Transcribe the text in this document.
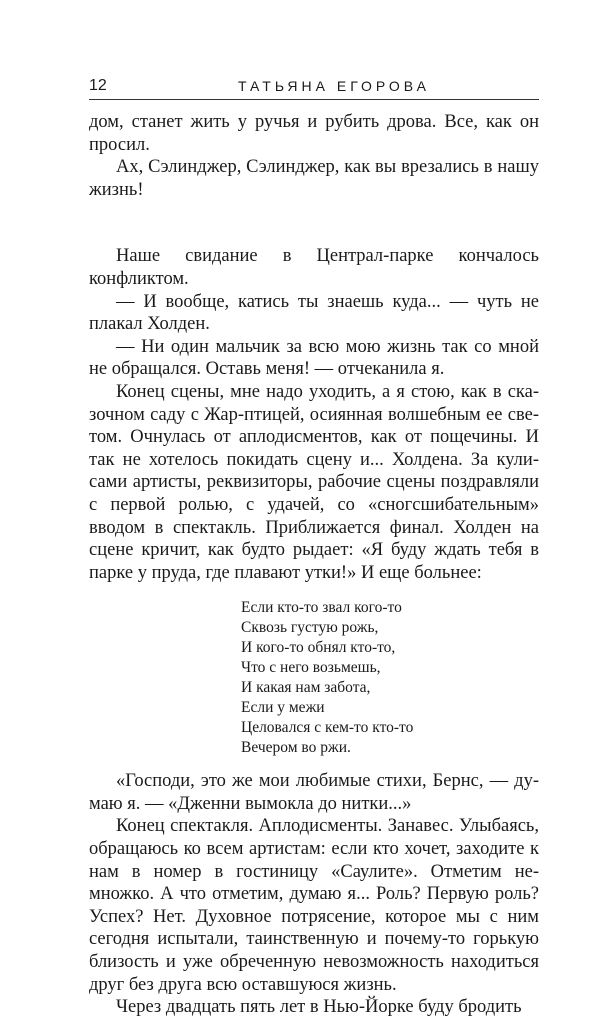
12	ТАТЬЯНА ЕГОРОВА

дом, станет жить у ручья и рубить дрова. Все, как он просил.

Ах, Сэлинджер, Сэлинджер, как вы врезались в нашу жизнь!

Наше свидание в Централ-парке кончалось конфликтом.

— И вообще, катись ты знаешь куда... — чуть не плакал Холден.

— Ни один мальчик за всю мою жизнь так со мной не обращался. Оставь меня! — отчеканила я.

Конец сцены, мне надо уходить, а я стою, как в сказочном саду с Жар-птицей, осиянная волшебным ее светом. Очнулась от аплодисментов, как от пощечины. И так не хотелось покидать сцену и... Холдена. За кулисами артисты, реквизиторы, рабочие сцены поздравляли с первой ролью, с удачей, со «сногсшибательным» вводом в спектакль. Приближается финал. Холден на сцене кричит, как будто рыдает: «Я буду ждать тебя в парке у пруда, где плавают утки!» И еще больнее:

Если кто-то звал кого-то
Сквозь густую рожь,
И кого-то обнял кто-то,
Что с него возьмешь,
И какая нам забота,
Если у межи
Целовался с кем-то кто-то
Вечером во ржи.

«Господи, это же мои любимые стихи, Бернс, — думаю я. — «Дженни вымокла до нитки...»

Конец спектакля. Аплодисменты. Занавес. Улыбаясь, обращаюсь ко всем артистам: если кто хочет, заходите к нам в номер в гостиницу «Саулите». Отметим немножко. А что отметим, думаю я... Роль? Первую роль? Успех? Нет. Духовное потрясение, которое мы с ним сегодня испытали, таинственную и почему-то горькую близость и уже обреченную невозможность находиться друг без друга всю оставшуюся жизнь.

Через двадцать пять лет в Нью-Йорке буду бродить
